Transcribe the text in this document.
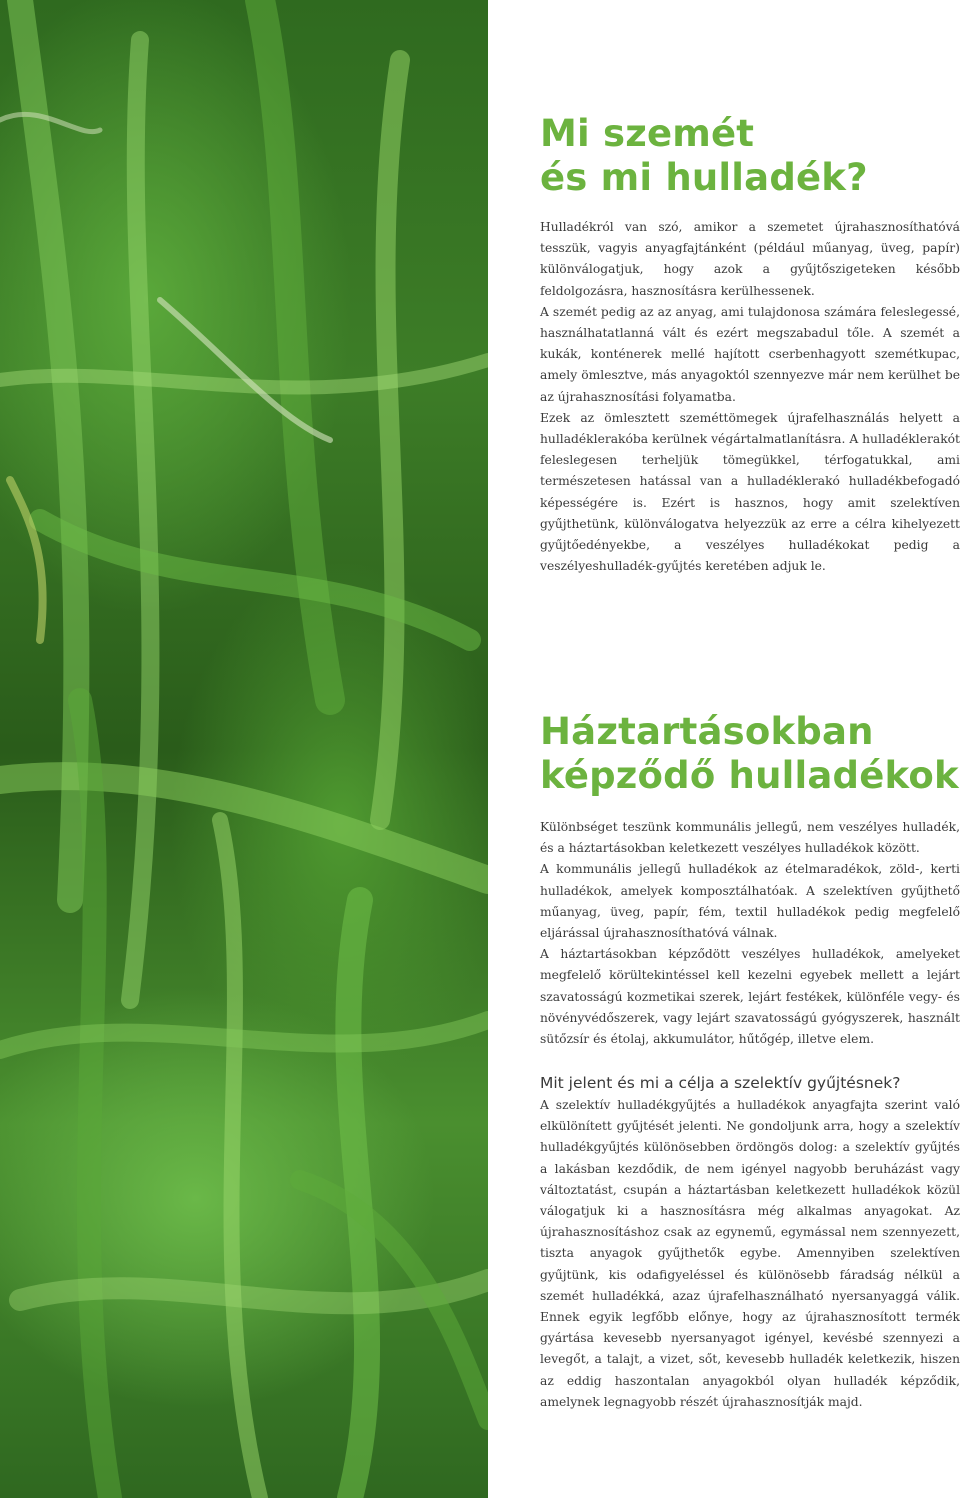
Mi szemét
és mi hulladék?

Hulladékról van szó, amikor a szemetet újrahasznosíthatóvá tesszük, vagyis anyagfajtánként (például műanyag, üveg, papír) különválogatjuk, hogy azok a gyűjtőszigeteken később feldolgozásra, hasznosításra kerülhessenek.

A szemét pedig az az anyag, ami tulajdonosa számára feleslegessé, használhatatlanná vált és ezért megszabadul tőle. A szemét a kukák, konténerek mellé hajított cserbenhagyott szemétkupac, amely ömlesztve, más anyagoktól szennyezve már nem kerülhet be az újrahasznosítási folyamatba.

Ezek az ömlesztett szeméttömegek újrafelhasználás helyett a hulladéklerakóba kerülnek végártalmatlanításra. A hulladéklerakót feleslegesen terheljük tömegükkel, térfogatukkal, ami természetesen hatással van a hulladéklerakó hulladékbefogadó képességére is. Ezért is hasznos, hogy amit szelektíven gyűjthetünk, különválogatva helyezzük az erre a célra kihelyezett gyűjtőedényekbe, a veszélyes hulladékokat pedig a veszélyeshulladék-gyűjtés keretében adjuk le.

Háztartásokban
képződő hulladékok

Különbséget teszünk kommunális jellegű, nem veszélyes hulladék, és a háztartásokban keletkezett veszélyes hulladékok között.

A kommunális jellegű hulladékok az ételmaradékok, zöld-, kerti hulladékok, amelyek komposztálhatóak. A szelektíven gyűjthető műanyag, üveg, papír, fém, textil hulladékok pedig megfelelő eljárással újrahasznosíthatóvá válnak.

A háztartásokban képződött veszélyes hulladékok, amelyeket megfelelő körültekintéssel kell kezelni egyebek mellett a lejárt szavatosságú kozmetikai szerek, lejárt festékek, különféle vegy- és növényvédőszerek, vagy lejárt szavatosságú gyógyszerek, használt sütőzsír és étolaj, akkumulátor, hűtőgép, illetve elem.

Mit jelent és mi a célja a szelektív gyűjtésnek?

A szelektív hulladékgyűjtés a hulladékok anyagfajta szerint való elkülönített gyűjtését jelenti. Ne gondoljunk arra, hogy a szelektív hulladékgyűjtés különösebben ördöngös dolog: a szelektív gyűjtés a lakásban kezdődik, de nem igényel nagyobb beruházást vagy változtatást, csupán a háztartásban keletkezett hulladékok közül válogatjuk ki a hasznosításra még alkalmas anyagokat. Az újrahasznosításhoz csak az egynemű, egymással nem szennyezett, tiszta anyagok gyűjthetők egybe. Amennyiben szelektíven gyűjtünk, kis odafigyeléssel és különösebb fáradság nélkül a szemét hulladékká, azaz újrafelhasználható nyersanyaggá válik. Ennek egyik legfőbb előnye, hogy az újrahasznosított termék gyártása kevesebb nyersanyagot igényel, kevésbé szennyezi a levegőt, a talajt, a vizet, sőt, kevesebb hulladék keletkezik, hiszen az eddig haszontalan anyagokból olyan hulladék képződik, amelynek legnagyobb részét újrahasznosítják majd.
